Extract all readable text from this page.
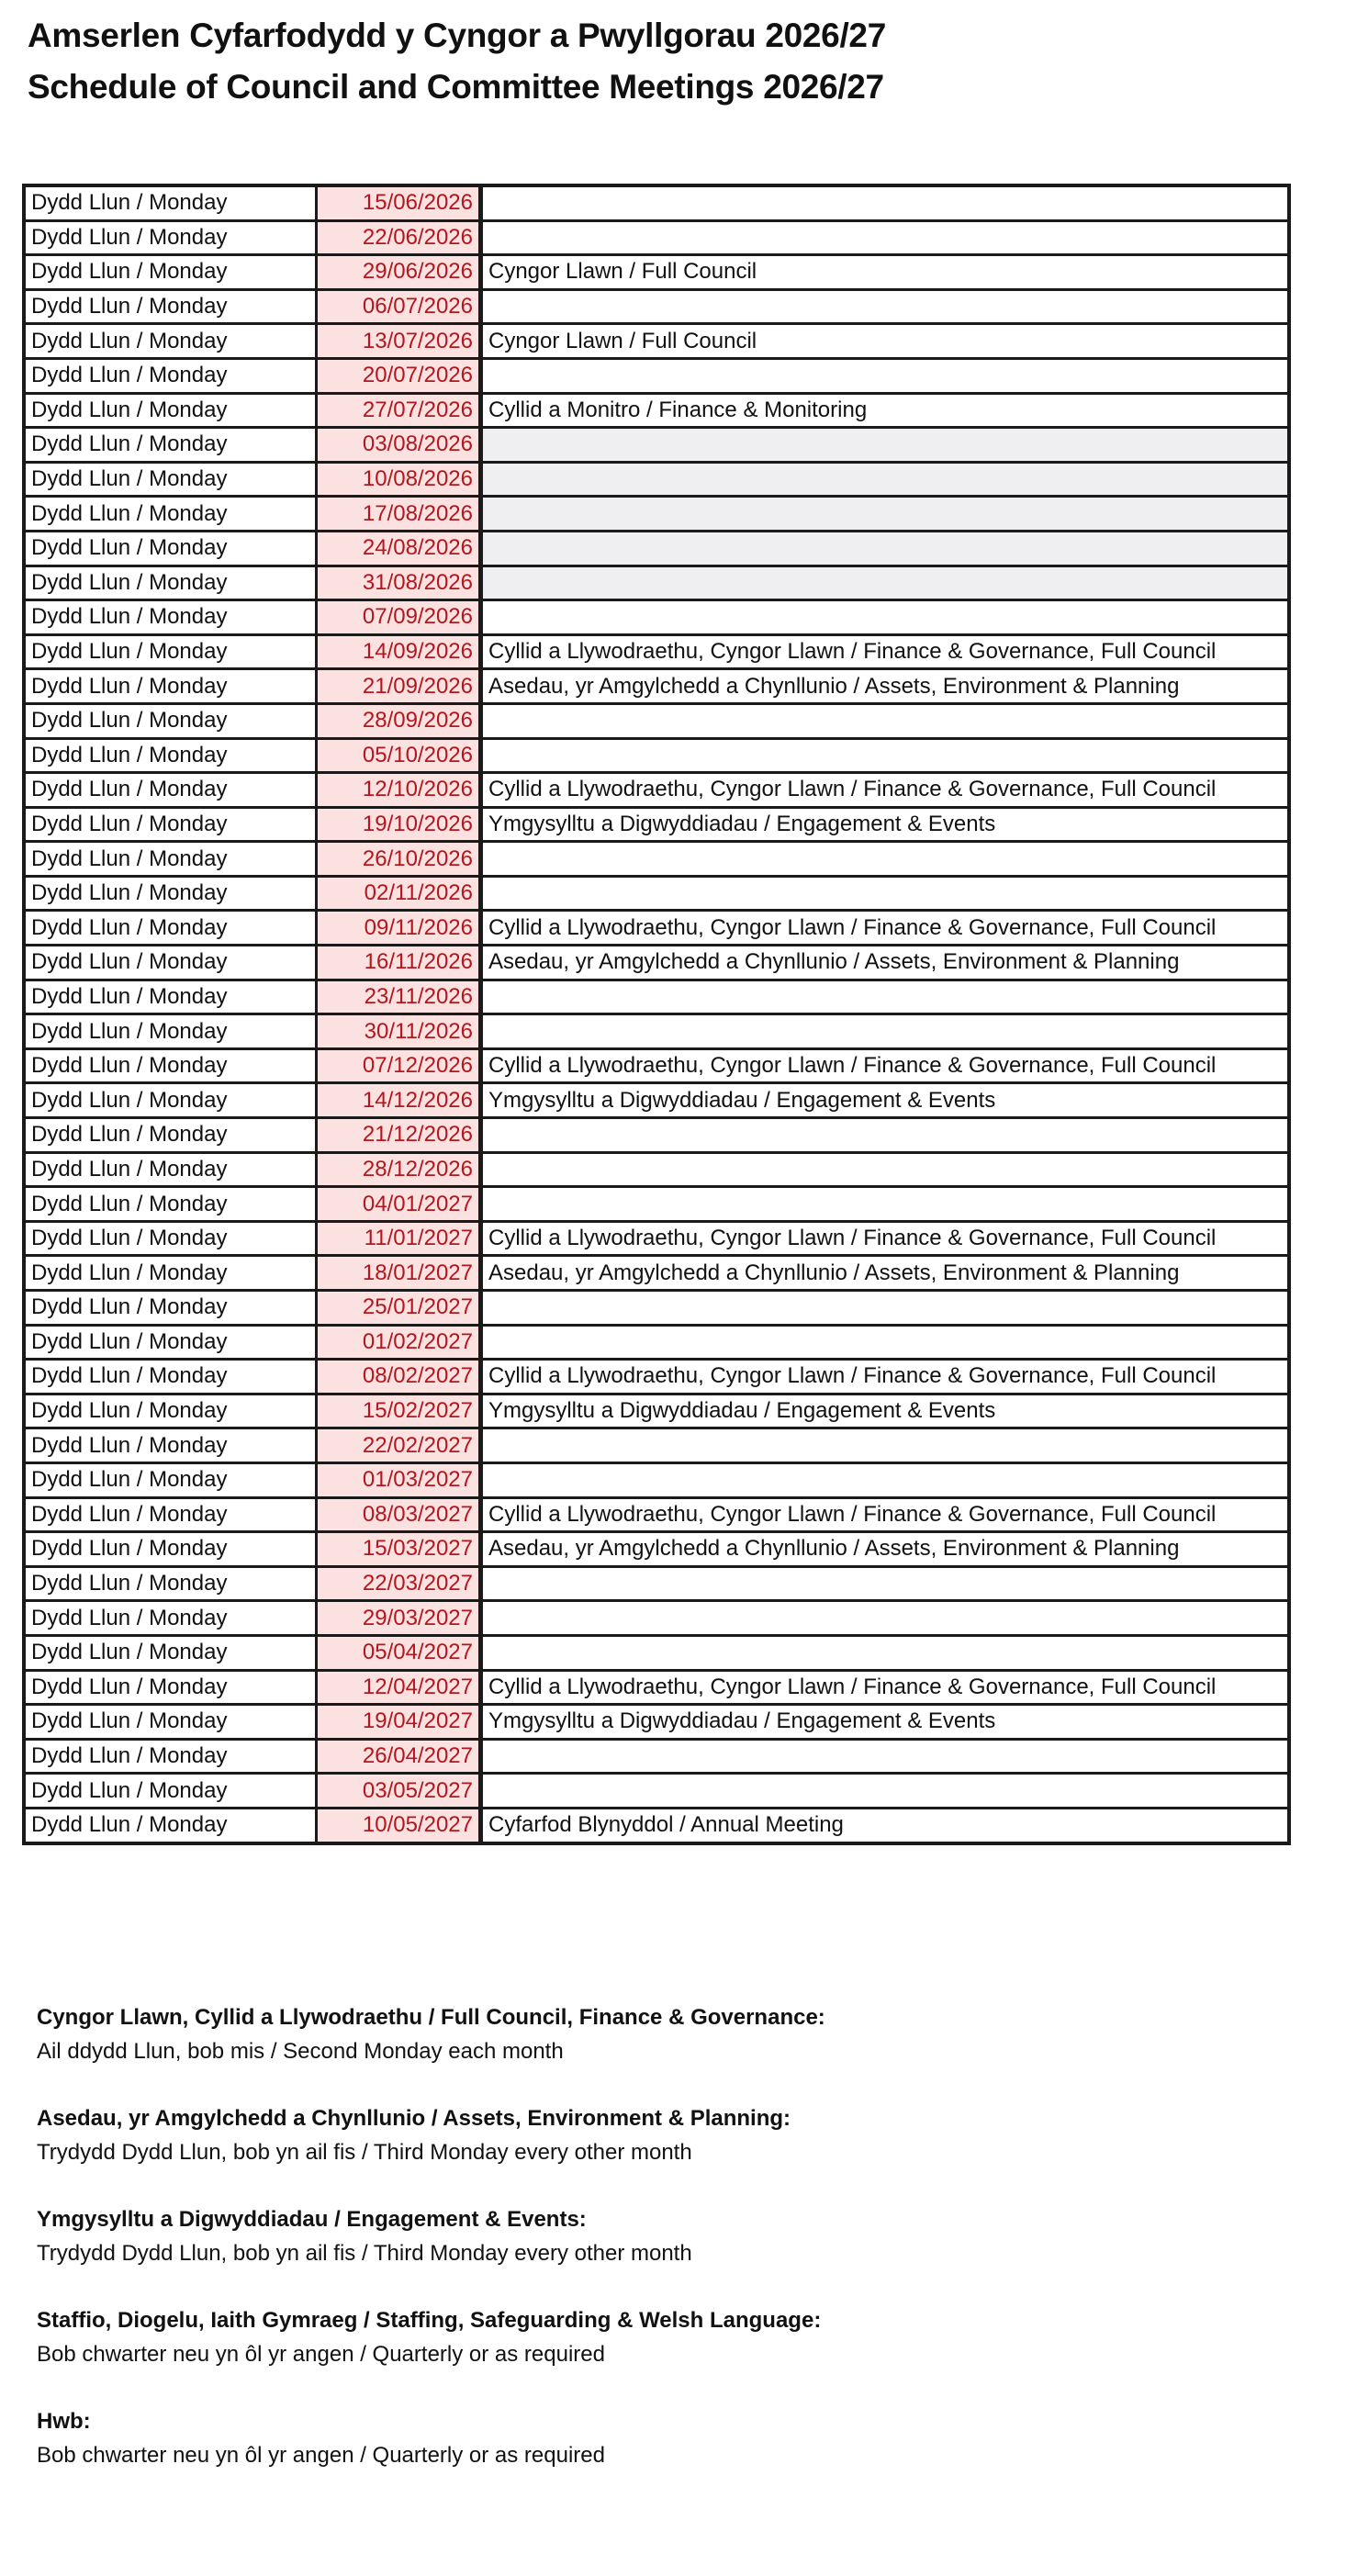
Amserlen Cyfarfodydd y Cyngor a Pwyllgorau 2026/27
Schedule of Council and Committee Meetings 2026/27
Dydd Llun / Monday	15/06/2026	
Dydd Llun / Monday	22/06/2026	
Dydd Llun / Monday	29/06/2026	Cyngor Llawn / Full Council
Dydd Llun / Monday	06/07/2026	
Dydd Llun / Monday	13/07/2026	Cyngor Llawn / Full Council
Dydd Llun / Monday	20/07/2026	
Dydd Llun / Monday	27/07/2026	Cyllid a Monitro / Finance & Monitoring
Dydd Llun / Monday	03/08/2026	
Dydd Llun / Monday	10/08/2026	
Dydd Llun / Monday	17/08/2026	
Dydd Llun / Monday	24/08/2026	
Dydd Llun / Monday	31/08/2026	
Dydd Llun / Monday	07/09/2026	
Dydd Llun / Monday	14/09/2026	Cyllid a Llywodraethu, Cyngor Llawn / Finance & Governance, Full Council
Dydd Llun / Monday	21/09/2026	Asedau, yr Amgylchedd a Chynllunio / Assets, Environment & Planning
Dydd Llun / Monday	28/09/2026	
Dydd Llun / Monday	05/10/2026	
Dydd Llun / Monday	12/10/2026	Cyllid a Llywodraethu, Cyngor Llawn / Finance & Governance, Full Council
Dydd Llun / Monday	19/10/2026	Ymgysylltu a Digwyddiadau / Engagement & Events
Dydd Llun / Monday	26/10/2026	
Dydd Llun / Monday	02/11/2026	
Dydd Llun / Monday	09/11/2026	Cyllid a Llywodraethu, Cyngor Llawn / Finance & Governance, Full Council
Dydd Llun / Monday	16/11/2026	Asedau, yr Amgylchedd a Chynllunio / Assets, Environment & Planning
Dydd Llun / Monday	23/11/2026	
Dydd Llun / Monday	30/11/2026	
Dydd Llun / Monday	07/12/2026	Cyllid a Llywodraethu, Cyngor Llawn / Finance & Governance, Full Council
Dydd Llun / Monday	14/12/2026	Ymgysylltu a Digwyddiadau / Engagement & Events
Dydd Llun / Monday	21/12/2026	
Dydd Llun / Monday	28/12/2026	
Dydd Llun / Monday	04/01/2027	
Dydd Llun / Monday	11/01/2027	Cyllid a Llywodraethu, Cyngor Llawn / Finance & Governance, Full Council
Dydd Llun / Monday	18/01/2027	Asedau, yr Amgylchedd a Chynllunio / Assets, Environment & Planning
Dydd Llun / Monday	25/01/2027	
Dydd Llun / Monday	01/02/2027	
Dydd Llun / Monday	08/02/2027	Cyllid a Llywodraethu, Cyngor Llawn / Finance & Governance, Full Council
Dydd Llun / Monday	15/02/2027	Ymgysylltu a Digwyddiadau / Engagement & Events
Dydd Llun / Monday	22/02/2027	
Dydd Llun / Monday	01/03/2027	
Dydd Llun / Monday	08/03/2027	Cyllid a Llywodraethu, Cyngor Llawn / Finance & Governance, Full Council
Dydd Llun / Monday	15/03/2027	Asedau, yr Amgylchedd a Chynllunio / Assets, Environment & Planning
Dydd Llun / Monday	22/03/2027	
Dydd Llun / Monday	29/03/2027	
Dydd Llun / Monday	05/04/2027	
Dydd Llun / Monday	12/04/2027	Cyllid a Llywodraethu, Cyngor Llawn / Finance & Governance, Full Council
Dydd Llun / Monday	19/04/2027	Ymgysylltu a Digwyddiadau / Engagement & Events
Dydd Llun / Monday	26/04/2027	
Dydd Llun / Monday	03/05/2027	
Dydd Llun / Monday	10/05/2027	Cyfarfod Blynyddol / Annual Meeting

Cyngor Llawn, Cyllid a Llywodraethu / Full Council, Finance & Governance:

Ail ddydd Llun, bob mis / Second Monday each month

Asedau, yr Amgylchedd a Chynllunio / Assets, Environment & Planning:

Trydydd Dydd Llun, bob yn ail fis / Third Monday every other month

Ymgysylltu a Digwyddiadau / Engagement & Events:

Trydydd Dydd Llun, bob yn ail fis / Third Monday every other month

Staffio, Diogelu, Iaith Gymraeg / Staffing, Safeguarding & Welsh Language:

Bob chwarter neu yn ôl yr angen / Quarterly or as required

Hwb:

Bob chwarter neu yn ôl yr angen / Quarterly or as required
